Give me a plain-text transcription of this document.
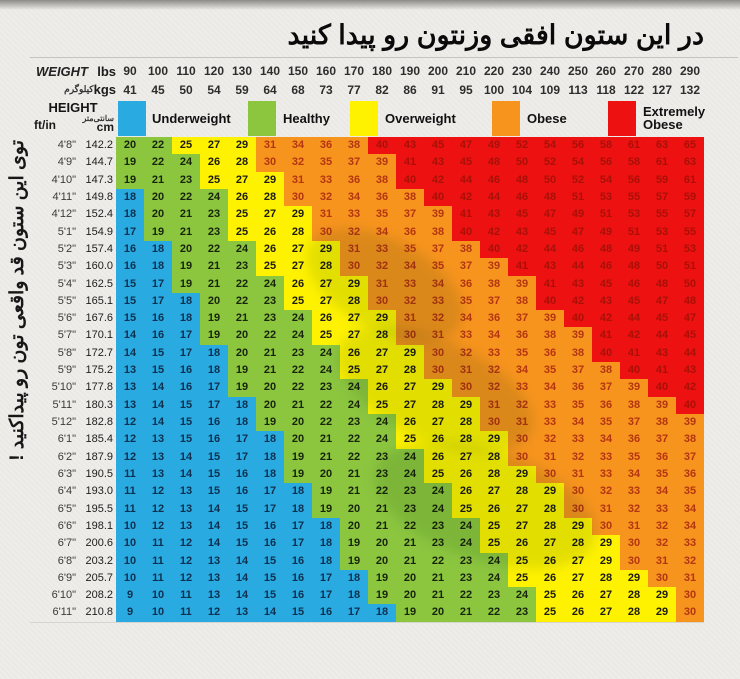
در این ستون افقی وزنتون رو پیدا کنید
توی این ستون قد واقعی تون رو پیداکنید !
WEIGHT lbs 90 100 110 120 130 140 150 160 170 180 190 200 210 220 230 240 250 260 270 280 290
کیلوگرم kgs 41	45	50	54	59	64	68	73	77	82	86	91	95 100 104 109 113 118 122 127 132
HEIGHT
ft/in	سانتی‌متر
cm
Underweight	Healthy	Overweight	Obese	Extremely Obese
4'8" 142.2 20	22	25	27	29	31	34	36	38	40	43	45	47	49	52	54	56	58	61	63	65
4'9" 144.7 19	22	24	26	28	30	32	35	37	39	41	43	45	48	50	52	54	56	58	61	63
4'10" 147.3 19	21	23	25	27	29	31	33	36	38	40	42	44	46	48	50	52	54	56	59	61
4'11" 149.8 18	20	22	24	26	28	30	32	34	36	38	40	42	44	46	48	51	53	55	57	59
4'12" 152.4 18	20	21	23	25	27	29	31	33	35	37	39	41	43	45	47	49	51	53	55	57
5'1" 154.9 17	19	21	23	25	26	28	30	32	34	36	38	40	42	43	45	47	49	51	53	55
5'2" 157.4 16	18	20	22	24	26	27	29	31	33	35	37	38	40	42	44	46	48	49	51	53
5'3" 160.0 16	18	19	21	23	25	27	28	30	32	34	35	37	39	41	43	44	46	48	50	51
5'4" 162.5 15	17	19	21	22	24	26	27	29	31	33	34	36	38	39	41	43	45	46	48	50
5'5" 165.1 15	17	18	20	22	23	25	27	28	30	32	33	35	37	38	40	42	43	45	47	48
5'6" 167.6 15	16	18	19	21	23	24	26	27	29	31	32	34	36	37	39	40	42	44	45	47
5'7" 170.1 14	16	17	19	20	22	24	25	27	28	30	31	33	34	36	38	39	41	42	44	45
5'8" 172.7 14	15	17	18	20	21	23	24	26	27	29	30	32	33	35	36	38	40	41	43	44
5'9" 175.2 13	15	16	18	19	21	22	24	25	27	28	30	31	32	34	35	37	38	40	41	43
5'10" 177.8 13	14	16	17	19	20	22	23	24	26	27	29	30	32	33	34	36	37	39	40	42
5'11" 180.3 13	14	15	17	18	20	21	22	24	25	27	28	29	31	32	33	35	36	38	39	40
5'12" 182.8 12	14	15	16	18	19	20	22	23	24	26	27	28	30	31	33	34	35	37	38	39
6'1" 185.4 12	13	15	16	17	18	20	21	22	24	25	26	28	29	30	32	33	34	36	37	38
6'2" 187.9 12	13	14	15	17	18	19	21	22	23	24	26	27	28	30	31	32	33	35	36	37
6'3" 190.5	11	13	14	15	16	18	19	20	21	23	24	25	26	28	29	30	31	33	34	35	36
6'4" 193.0	11	12	13	15	16	17	18	19	21	22	23	24	26	27	28	29	30	32	33	34	35
6'5" 195.5	11	12	13	14	15	17	18	19	20	21	23	24	25	26	27	28	30	31	32	33	34
6'6" 198.1 10	12	13	14	15	16	17	18	20	21	22	23	24	25	27	28	29	30	31	32	34
6'7" 200.6 10	11	12	14	15	16	17	18	19	20	21	23	24	25	26	27	28	29	30	32	33
6'8" 203.2 10	11	12	13	14	15	16	18	19	20	21	22	23	24	25	26	27	29	30	31	32
6'9" 205.7 10	11	12	13	14	15	16	17	18	19	20	21	23	24	25	26	27	28	29	30	31
6'10" 208.2	9	10	11	13	14	15	16	17	18	19	20	21	22	23	24	25	26	27	28	29	30
6'11" 210.8	9	10	11	12	13	14	15	16	17	18	19	20	21	22	23	25	26	27	28	29	30
